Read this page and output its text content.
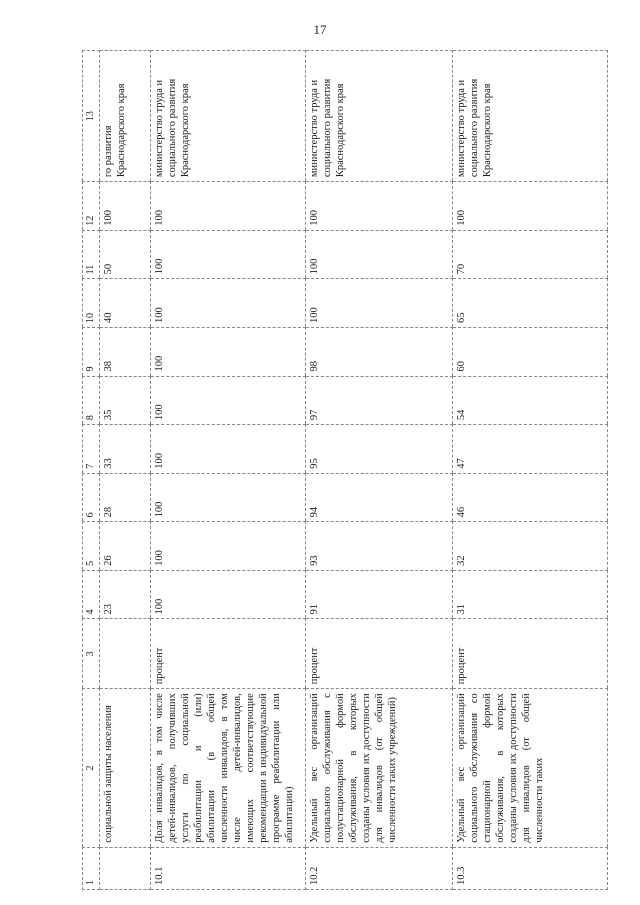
17
1	2	3	4	5	6	7	8	9	10	11	12	13
	социальной защиты населения		23	26	28	33	35	38	40	50	100	го развития Краснодарского края
10.1	Доля инвалидов, в том числе детей-инвалидов, получивших услуги по социальной реабилитации и (или) абилитации (в общей численности инвалидов, в том числе детей-инвалидов, имеющих соответствующие рекомендации в индивидуальной программе реабилитации или абилитации)	процент	100	100	100	100	100	100	100	100	100	министерство труда и социального развития Краснодарского края
10.2	Удельный вес организаций социального обслуживания с полустационарной формой обслуживания, в которых созданы условия их доступности для инвалидов (от общей численности таких учреждений)	процент	91	93	94	95	97	98	100	100	100	министерство труда и социального развития Краснодарского края
10.3	Удельный вес организаций социального обслуживания со стационарной формой обслуживания, в которых созданы условия их доступности для инвалидов (от общей численности таких	процент	31	32	46	47	54	60	65	70	100	министерство труда и социального развития Краснодарского края
